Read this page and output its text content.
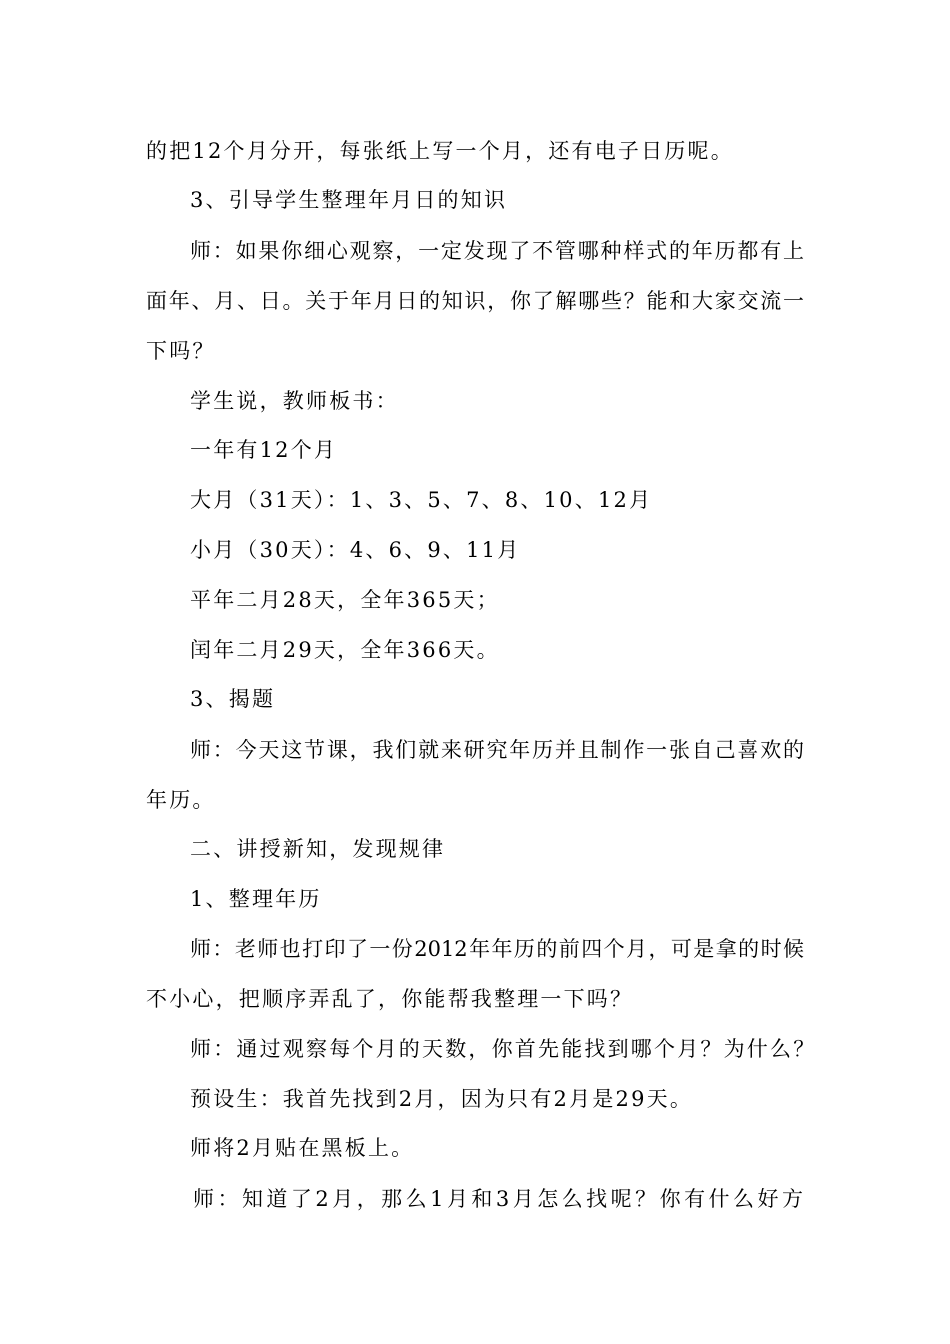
的把12个月分开，每张纸上写一个月，还有电子日历呢。
3、引导学生整理年月日的知识
师：如果你细心观察，一定发现了不管哪种样式的年历都有上
面年、月、日。关于年月日的知识，你了解哪些？能和大家交流一
下吗？
学生说，教师板书：
一年有12个月
大月（31天）：1、3、5、7、8、10、12月
小月（30天）：4、6、9、11月
平年二月28天，全年365天；
闰年二月29天，全年366天。
3、揭题
师：今天这节课，我们就来研究年历并且制作一张自己喜欢的
年历。
二、讲授新知，发现规律
1、整理年历
师：老师也打印了一份2012年年历的前四个月，可是拿的时候
不小心，把顺序弄乱了，你能帮我整理一下吗？
师：通过观察每个月的天数，你首先能找到哪个月？为什么？
预设生：我首先找到2月，因为只有2月是29天。
师将2月贴在黑板上。
师：知道了2月，那么1月和3月怎么找呢？你有什么好方
